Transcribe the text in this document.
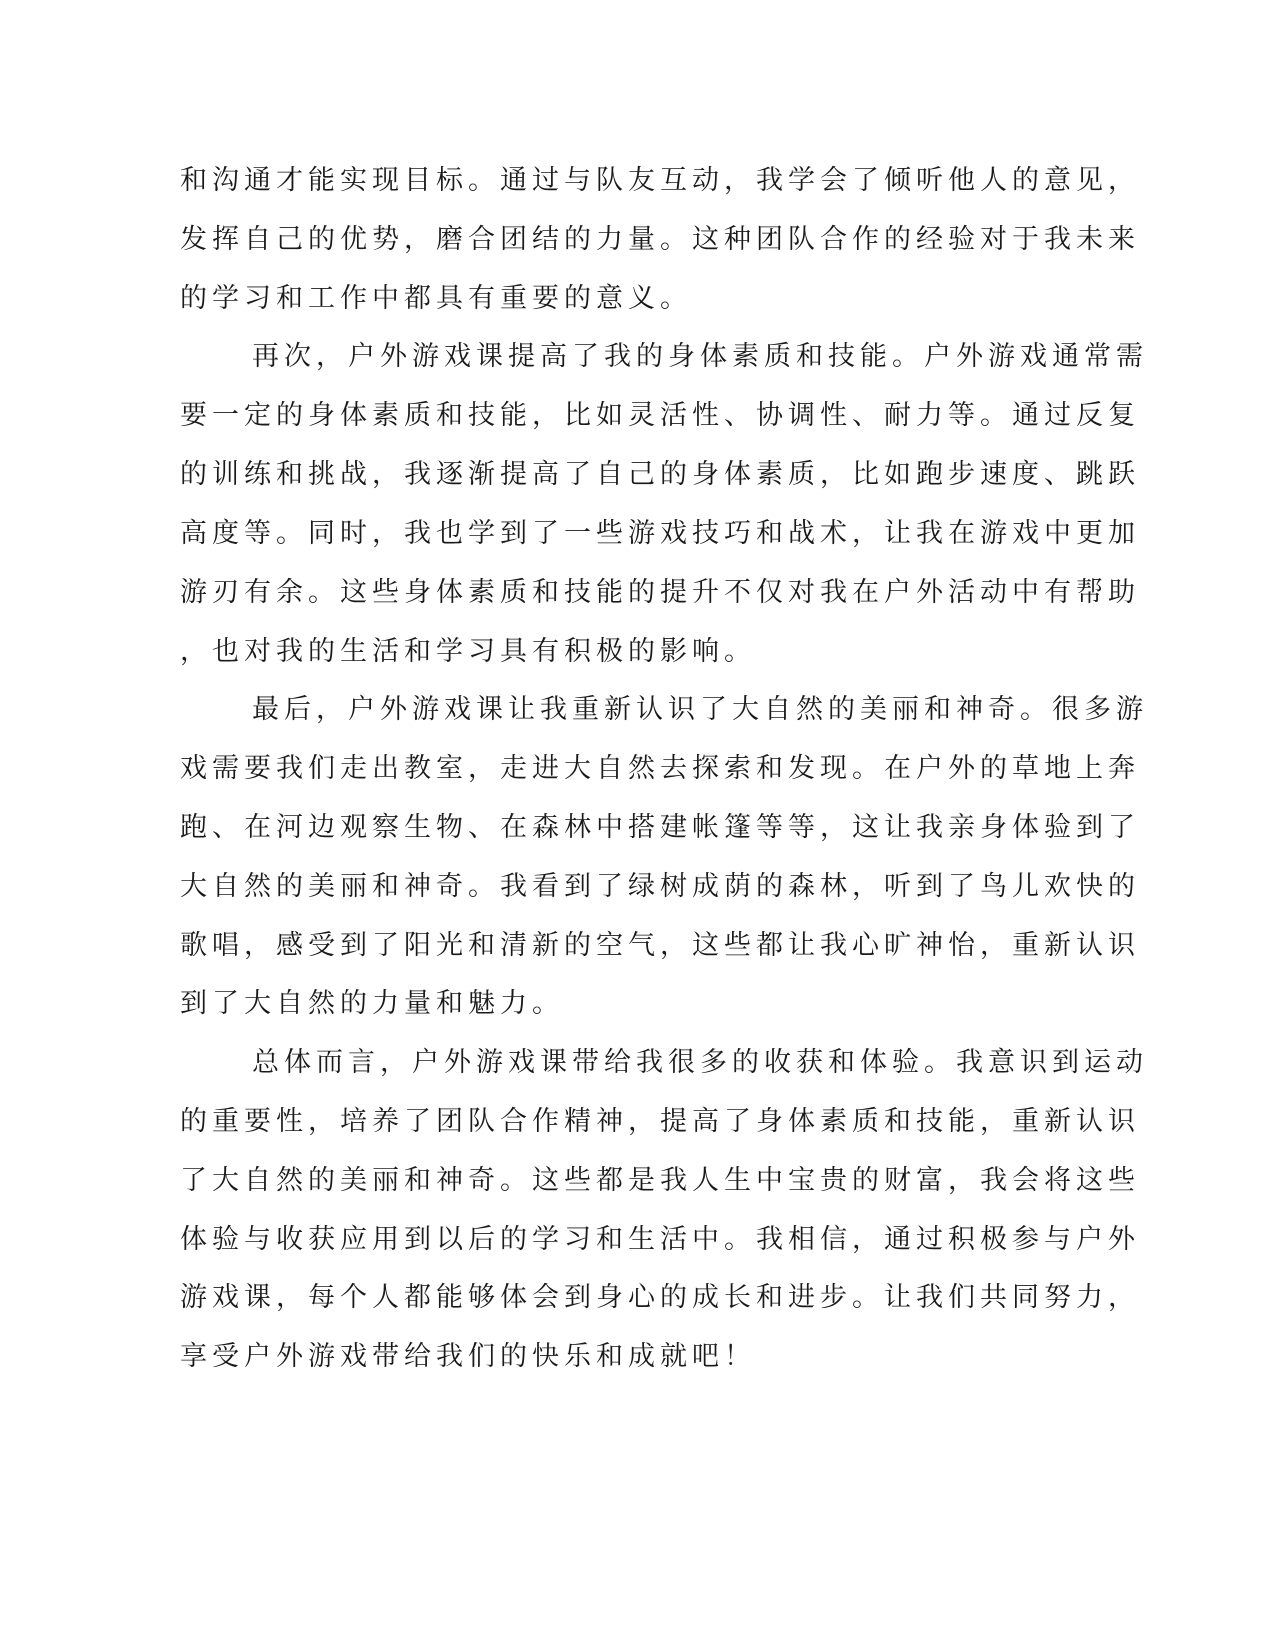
和沟通才能实现目标。通过与队友互动，我学会了倾听他人的意见，

发挥自己的优势，磨合团结的力量。这种团队合作的经验对于我未来

的学习和工作中都具有重要的意义。

再次，户外游戏课提高了我的身体素质和技能。户外游戏通常需

要一定的身体素质和技能，比如灵活性、协调性、耐力等。通过反复

的训练和挑战，我逐渐提高了自己的身体素质，比如跑步速度、跳跃

高度等。同时，我也学到了一些游戏技巧和战术，让我在游戏中更加

游刃有余。这些身体素质和技能的提升不仅对我在户外活动中有帮助

，也对我的生活和学习具有积极的影响。

最后，户外游戏课让我重新认识了大自然的美丽和神奇。很多游

戏需要我们走出教室，走进大自然去探索和发现。在户外的草地上奔

跑、在河边观察生物、在森林中搭建帐篷等等，这让我亲身体验到了

大自然的美丽和神奇。我看到了绿树成荫的森林，听到了鸟儿欢快的

歌唱，感受到了阳光和清新的空气，这些都让我心旷神怡，重新认识

到了大自然的力量和魅力。

总体而言，户外游戏课带给我很多的收获和体验。我意识到运动

的重要性，培养了团队合作精神，提高了身体素质和技能，重新认识

了大自然的美丽和神奇。这些都是我人生中宝贵的财富，我会将这些

体验与收获应用到以后的学习和生活中。我相信，通过积极参与户外

游戏课，每个人都能够体会到身心的成长和进步。让我们共同努力，

享受户外游戏带给我们的快乐和成就吧！
